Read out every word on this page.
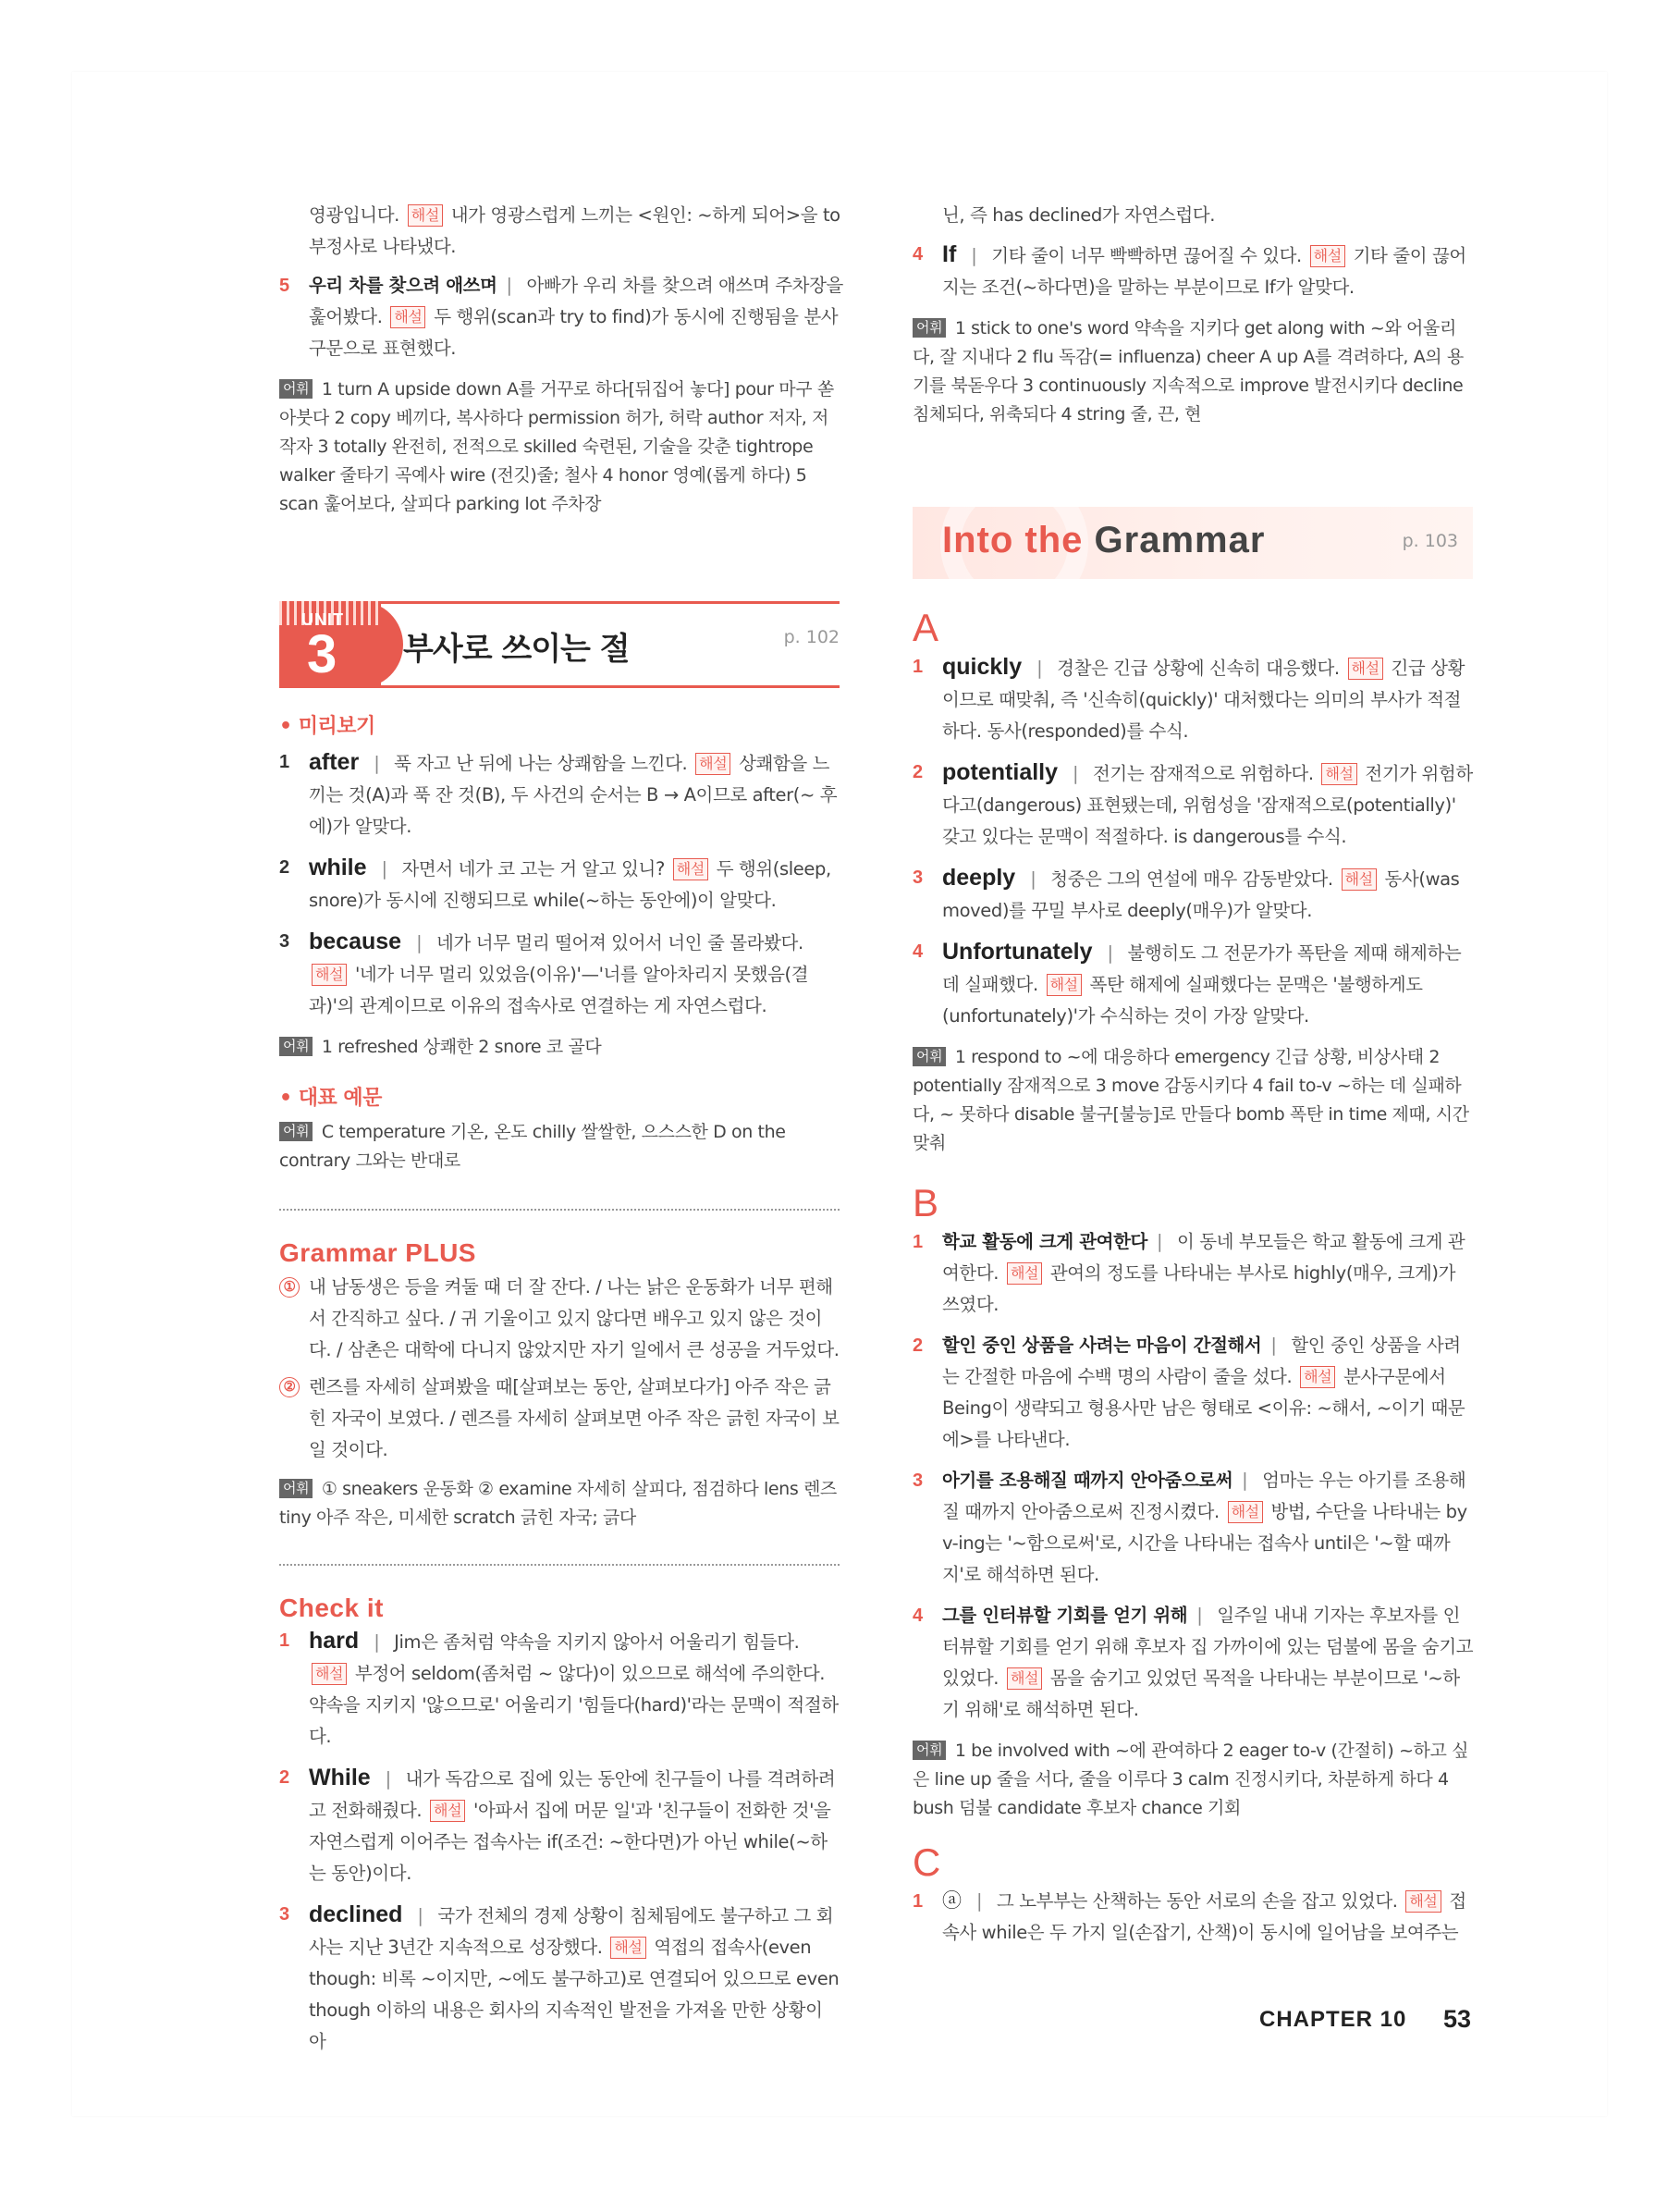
영광입니다. 해설 내가 영광스럽게 느끼는 <원인: ~하게 되어>을 to부정사로 나타냈다.
5 우리 차를 찾으려 애쓰며 | 아빠가 우리 차를 찾으려 애쓰며 주차장을 훑어봤다. 해설 두 행위(scan과 try to find)가 동시에 진행됨을 분사구문으로 표현했다.
어휘 1 turn A upside down A를 거꾸로 하다[뒤집어 놓다] pour 마구 쏟아붓다 2 copy 베끼다, 복사하다 permission 허가, 허락 author 저자, 저작자 3 totally 완전히, 전적으로 skilled 숙련된, 기술을 갖춘 tightrope walker 줄타기 곡예사 wire (전깃)줄; 철사 4 honor 영예(롭게 하다) 5 scan 훑어보다, 살피다 parking lot 주차장
UNIT
3 부사로 쓰이는 절	p. 102
• 미리보기
1 after | 푹 자고 난 뒤에 나는 상쾌함을 느낀다. 해설 상쾌함을 느끼는 것(A)과 푹 잔 것(B), 두 사건의 순서는 B → A이므로 after(~ 후에)가 알맞다.
2 while | 자면서 네가 코 고는 거 알고 있니? 해설 두 행위(sleep, snore)가 동시에 진행되므로 while(~하는 동안에)이 알맞다.
3 because | 네가 너무 멀리 떨어져 있어서 너인 줄 몰라봤다. 해설 '네가 너무 멀리 있었음(이유)'—'너를 알아차리지 못했음(결과)'의 관계이므로 이유의 접속사로 연결하는 게 자연스럽다.
어휘 1 refreshed 상쾌한 2 snore 코 골다
• 대표 예문
어휘 C temperature 기온, 온도 chilly 쌀쌀한, 으스스한 D on the contrary 그와는 반대로
Grammar PLUS
① 내 남동생은 등을 켜둘 때 더 잘 잔다. / 나는 낡은 운동화가 너무 편해서 간직하고 싶다. / 귀 기울이고 있지 않다면 배우고 있지 않은 것이다. / 삼촌은 대학에 다니지 않았지만 자기 일에서 큰 성공을 거두었다.
② 렌즈를 자세히 살펴봤을 때[살펴보는 동안, 살펴보다가] 아주 작은 긁힌 자국이 보였다. / 렌즈를 자세히 살펴보면 아주 작은 긁힌 자국이 보일 것이다.
어휘 ① sneakers 운동화 ② examine 자세히 살피다, 점검하다 lens 렌즈 tiny 아주 작은, 미세한 scratch 긁힌 자국; 긁다
Check it
1 hard | Jim은 좀처럼 약속을 지키지 않아서 어울리기 힘들다. 해설 부정어 seldom(좀처럼 ~ 않다)이 있으므로 해석에 주의한다. 약속을 지키지 '않으므로' 어울리기 '힘들다(hard)'라는 문맥이 적절하다.
2 While | 내가 독감으로 집에 있는 동안에 친구들이 나를 격려하려고 전화해줬다. 해설 '아파서 집에 머문 일'과 '친구들이 전화한 것'을 자연스럽게 이어주는 접속사는 if(조건: ~한다면)가 아닌 while(~하는 동안)이다.
3 declined | 국가 전체의 경제 상황이 침체됨에도 불구하고 그 회사는 지난 3년간 지속적으로 성장했다. 해설 역접의 접속사(even though: 비록 ~이지만, ~에도 불구하고)로 연결되어 있으므로 even though 이하의 내용은 회사의 지속적인 발전을 가져올 만한 상황이 아
닌, 즉 has declined가 자연스럽다.
4 If | 기타 줄이 너무 빡빡하면 끊어질 수 있다. 해설 기타 줄이 끊어지는 조건(~하다면)을 말하는 부분이므로 If가 알맞다.
어휘 1 stick to one's word 약속을 지키다 get along with ~와 어울리다, 잘 지내다 2 flu 독감(= influenza) cheer A up A를 격려하다, A의 용기를 북돋우다 3 continuously 지속적으로 improve 발전시키다 decline 침체되다, 위축되다 4 string 줄, 끈, 현
Into the Grammar	p. 103
A
1 quickly | 경찰은 긴급 상황에 신속히 대응했다. 해설 긴급 상황이므로 때맞춰, 즉 '신속히(quickly)' 대처했다는 의미의 부사가 적절하다. 동사(responded)를 수식.
2 potentially | 전기는 잠재적으로 위험하다. 해설 전기가 위험하다고(dangerous) 표현됐는데, 위험성을 '잠재적으로(potentially)' 갖고 있다는 문맥이 적절하다. is dangerous를 수식.
3 deeply | 청중은 그의 연설에 매우 감동받았다. 해설 동사(was moved)를 꾸밀 부사로 deeply(매우)가 알맞다.
4 Unfortunately | 불행히도 그 전문가가 폭탄을 제때 해제하는 데 실패했다. 해설 폭탄 해제에 실패했다는 문맥은 '불행하게도(unfortunately)'가 수식하는 것이 가장 알맞다.
어휘 1 respond to ~에 대응하다 emergency 긴급 상황, 비상사태 2 potentially 잠재적으로 3 move 감동시키다 4 fail to-v ~하는 데 실패하다, ~ 못하다 disable 불구[불능]로 만들다 bomb 폭탄 in time 제때, 시간 맞춰
B
1 학교 활동에 크게 관여한다 | 이 동네 부모들은 학교 활동에 크게 관여한다. 해설 관여의 정도를 나타내는 부사로 highly(매우, 크게)가 쓰였다.
2 할인 중인 상품을 사려는 마음이 간절해서 | 할인 중인 상품을 사려는 간절한 마음에 수백 명의 사람이 줄을 섰다. 해설 분사구문에서 Being이 생략되고 형용사만 남은 형태로 <이유: ~해서, ~이기 때문에>를 나타낸다.
3 아기를 조용해질 때까지 안아줌으로써 | 엄마는 우는 아기를 조용해질 때까지 안아줌으로써 진정시켰다. 해설 방법, 수단을 나타내는 by v-ing는 '~함으로써'로, 시간을 나타내는 접속사 until은 '~할 때까지'로 해석하면 된다.
4 그를 인터뷰할 기회를 얻기 위해 | 일주일 내내 기자는 후보자를 인터뷰할 기회를 얻기 위해 후보자 집 가까이에 있는 덤불에 몸을 숨기고 있었다. 해설 몸을 숨기고 있었던 목적을 나타내는 부분이므로 '~하기 위해'로 해석하면 된다.
어휘 1 be involved with ~에 관여하다 2 eager to-v (간절히) ~하고 싶은 line up 줄을 서다, 줄을 이루다 3 calm 진정시키다, 차분하게 하다 4 bush 덤불 candidate 후보자 chance 기회
C
1 ⓐ | 그 노부부는 산책하는 동안 서로의 손을 잡고 있었다. 해설 접속사 while은 두 가지 일(손잡기, 산책)이 동시에 일어남을 보여주는
CHAPTER 10 53
